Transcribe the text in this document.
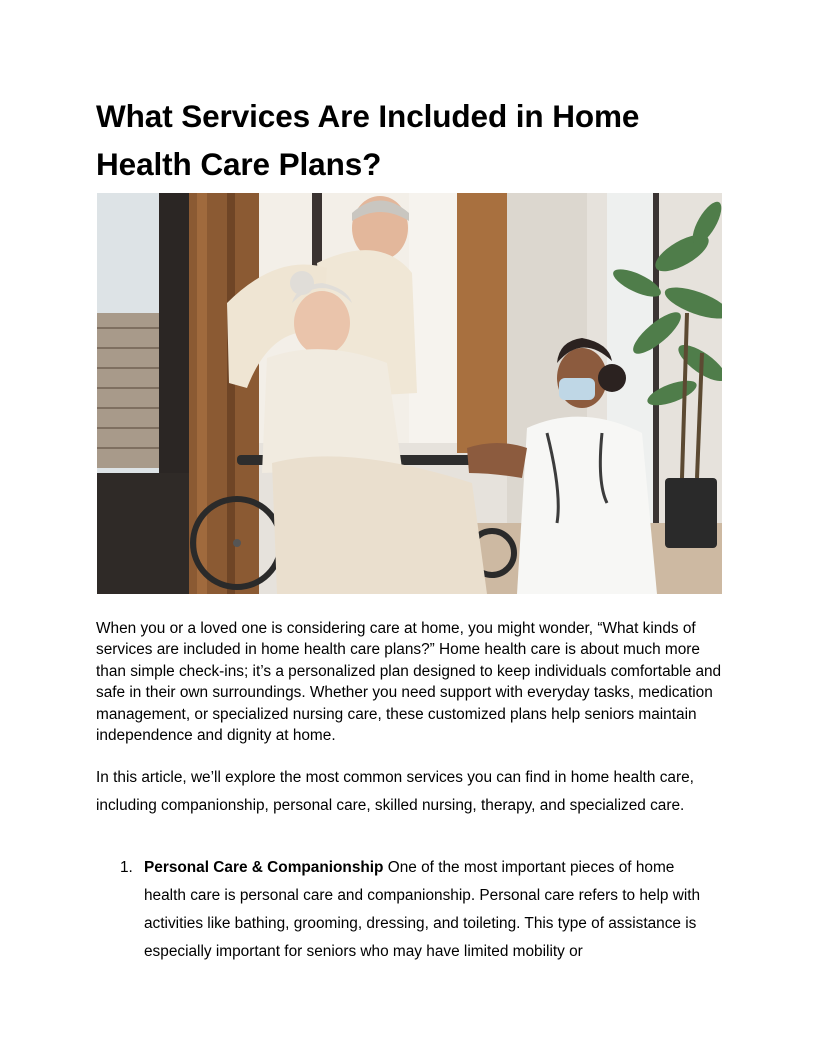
What Services Are Included in Home Health Care Plans?

When you or a loved one is considering care at home, you might wonder, “What kinds of services are included in home health care plans?” Home health care is about much more than simple check-ins; it’s a personalized plan designed to keep individuals comfortable and safe in their own surroundings. Whether you need support with everyday tasks, medication management, or specialized nursing care, these customized plans help seniors maintain independence and dignity at home.

In this article, we’ll explore the most common services you can find in home health care, including companionship, personal care, skilled nursing, therapy, and specialized care.

1. Personal Care & Companionship One of the most important pieces of home health care is personal care and companionship. Personal care refers to help with activities like bathing, grooming, dressing, and toileting. This type of assistance is especially important for seniors who may have limited mobility or
